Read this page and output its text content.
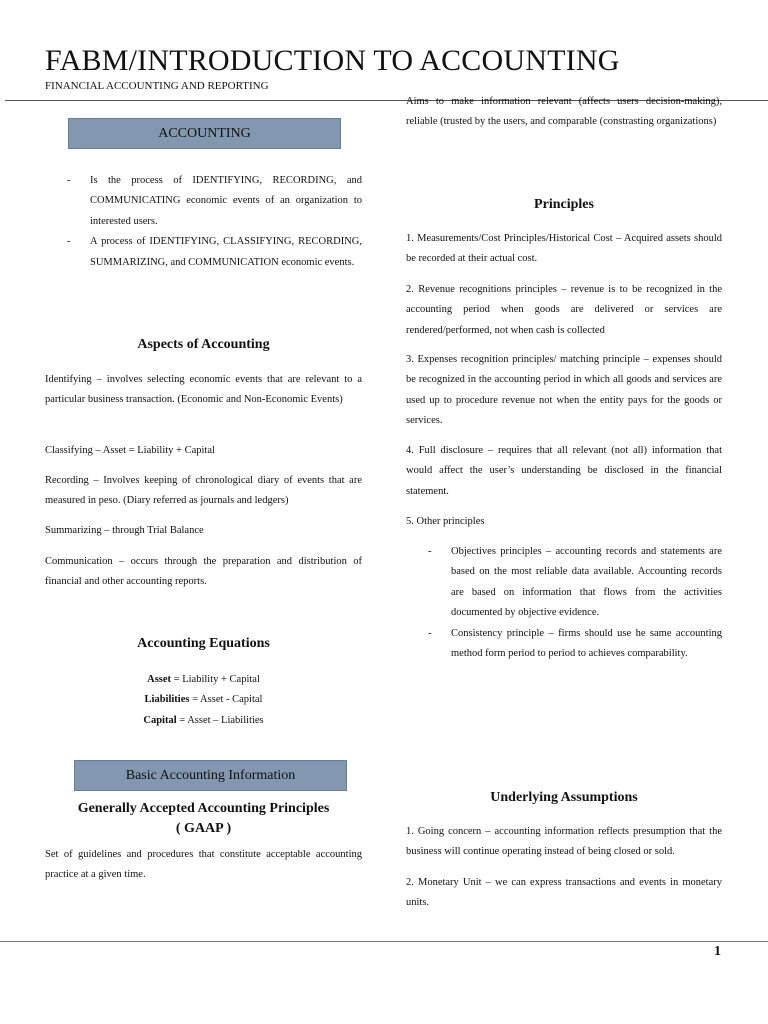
FABM/INTRODUCTION TO ACCOUNTING
FINANCIAL ACCOUNTING AND REPORTING
ACCOUNTING
- Is the process of IDENTIFYING, RECORDING, and COMMUNICATING economic events of an organization to interested users.
- A process of IDENTIFYING, CLASSIFYING, RECORDING, SUMMARIZING, and COMMUNICATION economic events.
Aspects of Accounting
Identifying – involves selecting economic events that are relevant to a particular business transaction. (Economic and Non-Economic Events)
Classifying – Asset = Liability + Capital
Recording – Involves keeping of chronological diary of events that are measured in peso. (Diary referred as journals and ledgers)
Summarizing – through Trial Balance
Communication – occurs through the preparation and distribution of financial and other accounting reports.
Accounting Equations
Asset = Liability + Capital
Liabilities = Asset - Capital
Capital = Asset – Liabilities
Basic Accounting Information
Generally Accepted Accounting Principles
( GAAP )
Set of guidelines and procedures that constitute acceptable accounting practice at a given time.
Aims to make information relevant (affects users decision-making), reliable (trusted by the users, and comparable (constrasting organizations)
Principles
1. Measurements/Cost Principles/Historical Cost – Acquired assets should be recorded at their actual cost.
2. Revenue recognitions principles – revenue is to be recognized in the accounting period when goods are delivered or services are rendered/performed, not when cash is collected
3. Expenses recognition principles/ matching principle – expenses should be recognized in the accounting period in which all goods and services are used up to procedure revenue not when the entity pays for the goods or services.
4. Full disclosure – requires that all relevant (not all) information that would affect the user’s understanding be disclosed in the financial statement.
5. Other principles
- Objectives principles – accounting records and statements are based on the most reliable data available. Accounting records are based on information that flows from the activities documented by objective evidence.
- Consistency principle – firms should use he same accounting method form period to period to achieves comparability.
Underlying Assumptions
1. Going concern – accounting information reflects presumption that the business will continue operating instead of being closed or sold.
2. Monetary Unit – we can express transactions and events in monetary units.
1
